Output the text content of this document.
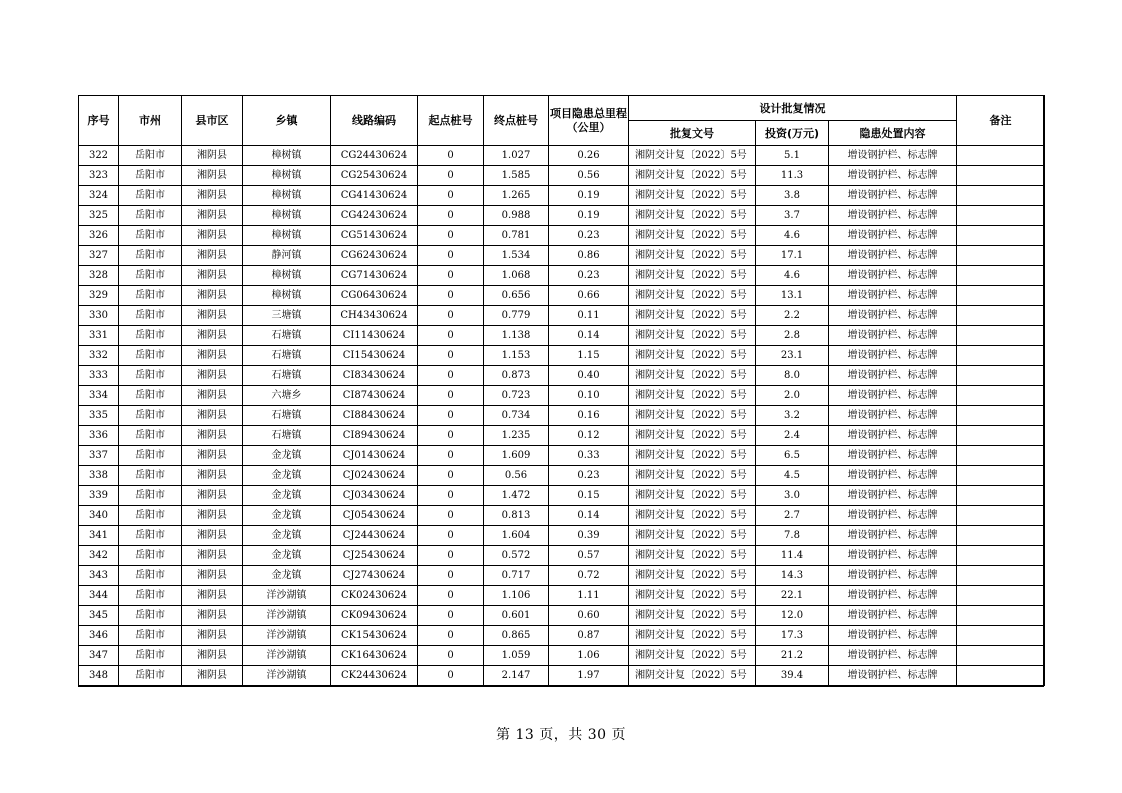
序号	市州	县市区	乡镇	线路编码	起点桩号	终点桩号	项目隐患总里程（公里）	设计批复情况			备注
								批复文号	投资(万元)	隐患处置内容	
322	岳阳市	湘阴县	樟树镇	CG24430624	0	1.027	0.26	湘阴交计复〔2022〕5号	5.1	增设钢护栏、标志牌	
323	岳阳市	湘阴县	樟树镇	CG25430624	0	1.585	0.56	湘阴交计复〔2022〕5号	11.3	增设钢护栏、标志牌	
324	岳阳市	湘阴县	樟树镇	CG41430624	0	1.265	0.19	湘阴交计复〔2022〕5号	3.8	增设钢护栏、标志牌	
325	岳阳市	湘阴县	樟树镇	CG42430624	0	0.988	0.19	湘阴交计复〔2022〕5号	3.7	增设钢护栏、标志牌	
326	岳阳市	湘阴县	樟树镇	CG51430624	0	0.781	0.23	湘阴交计复〔2022〕5号	4.6	增设钢护栏、标志牌	
327	岳阳市	湘阴县	静河镇	CG62430624	0	1.534	0.86	湘阴交计复〔2022〕5号	17.1	增设钢护栏、标志牌	
328	岳阳市	湘阴县	樟树镇	CG71430624	0	1.068	0.23	湘阴交计复〔2022〕5号	4.6	增设钢护栏、标志牌	
329	岳阳市	湘阴县	樟树镇	CG06430624	0	0.656	0.66	湘阴交计复〔2022〕5号	13.1	增设钢护栏、标志牌	
330	岳阳市	湘阴县	三塘镇	CH43430624	0	0.779	0.11	湘阴交计复〔2022〕5号	2.2	增设钢护栏、标志牌	
331	岳阳市	湘阴县	石塘镇	CI11430624	0	1.138	0.14	湘阴交计复〔2022〕5号	2.8	增设钢护栏、标志牌	
332	岳阳市	湘阴县	石塘镇	CI15430624	0	1.153	1.15	湘阴交计复〔2022〕5号	23.1	增设钢护栏、标志牌	
333	岳阳市	湘阴县	石塘镇	CI83430624	0	0.873	0.40	湘阴交计复〔2022〕5号	8.0	增设钢护栏、标志牌	
334	岳阳市	湘阴县	六塘乡	CI87430624	0	0.723	0.10	湘阴交计复〔2022〕5号	2.0	增设钢护栏、标志牌	
335	岳阳市	湘阴县	石塘镇	CI88430624	0	0.734	0.16	湘阴交计复〔2022〕5号	3.2	增设钢护栏、标志牌	
336	岳阳市	湘阴县	石塘镇	CI89430624	0	1.235	0.12	湘阴交计复〔2022〕5号	2.4	增设钢护栏、标志牌	
337	岳阳市	湘阴县	金龙镇	CJ01430624	0	1.609	0.33	湘阴交计复〔2022〕5号	6.5	增设钢护栏、标志牌	
338	岳阳市	湘阴县	金龙镇	CJ02430624	0	0.56	0.23	湘阴交计复〔2022〕5号	4.5	增设钢护栏、标志牌	
339	岳阳市	湘阴县	金龙镇	CJ03430624	0	1.472	0.15	湘阴交计复〔2022〕5号	3.0	增设钢护栏、标志牌	
340	岳阳市	湘阴县	金龙镇	CJ05430624	0	0.813	0.14	湘阴交计复〔2022〕5号	2.7	增设钢护栏、标志牌	
341	岳阳市	湘阴县	金龙镇	CJ24430624	0	1.604	0.39	湘阴交计复〔2022〕5号	7.8	增设钢护栏、标志牌	
342	岳阳市	湘阴县	金龙镇	CJ25430624	0	0.572	0.57	湘阴交计复〔2022〕5号	11.4	增设钢护栏、标志牌	
343	岳阳市	湘阴县	金龙镇	CJ27430624	0	0.717	0.72	湘阴交计复〔2022〕5号	14.3	增设钢护栏、标志牌	
344	岳阳市	湘阴县	洋沙湖镇	CK02430624	0	1.106	1.11	湘阴交计复〔2022〕5号	22.1	增设钢护栏、标志牌	
345	岳阳市	湘阴县	洋沙湖镇	CK09430624	0	0.601	0.60	湘阴交计复〔2022〕5号	12.0	增设钢护栏、标志牌	
346	岳阳市	湘阴县	洋沙湖镇	CK15430624	0	0.865	0.87	湘阴交计复〔2022〕5号	17.3	增设钢护栏、标志牌	
347	岳阳市	湘阴县	洋沙湖镇	CK16430624	0	1.059	1.06	湘阴交计复〔2022〕5号	21.2	增设钢护栏、标志牌	
348	岳阳市	湘阴县	洋沙湖镇	CK24430624	0	2.147	1.97	湘阴交计复〔2022〕5号	39.4	增设钢护栏、标志牌	
第 13 页，共 30 页
